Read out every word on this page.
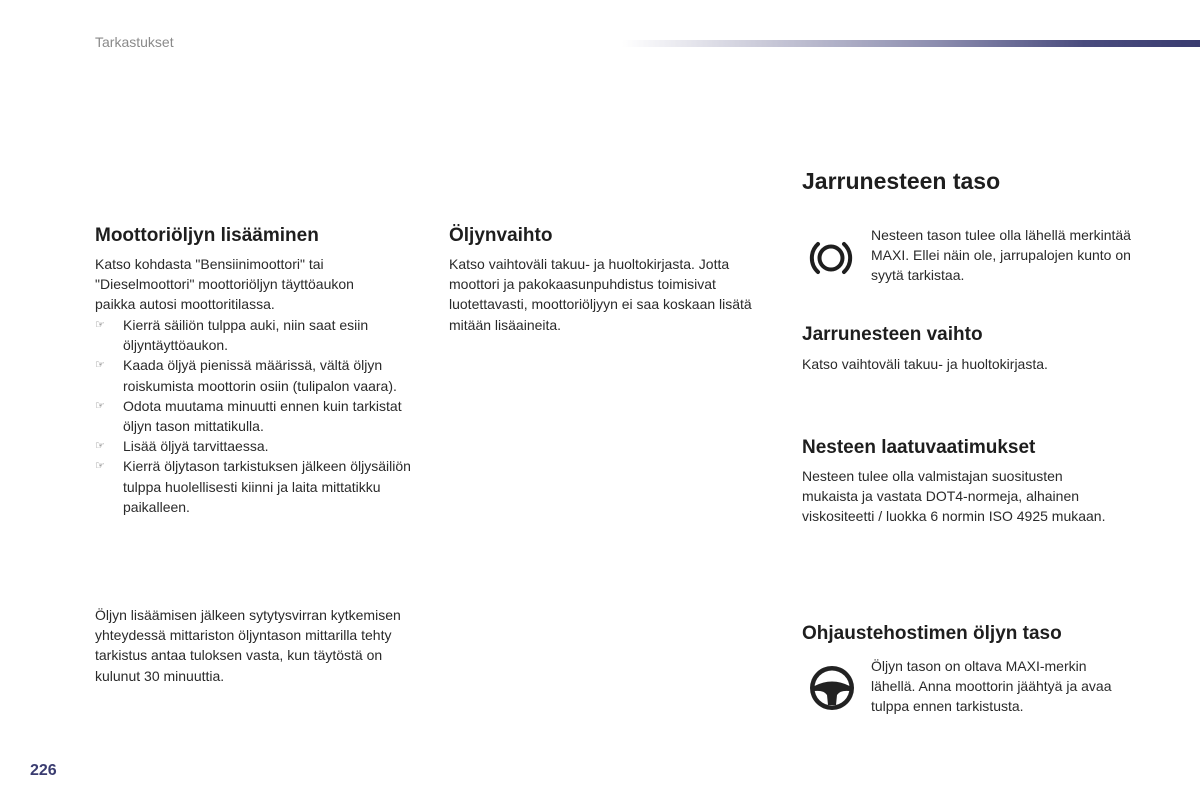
Tarkastukset
Moottoriöljyn lisääminen

Katso kohdasta "Bensiinimoottori" tai "Dieselmoottori" moottoriöljyn täyttöaukon paikka autosi moottoritilassa.

☞ Kierrä säiliön tulppa auki, niin saat esiin öljyntäyttöaukon.
☞ Kaada öljyä pienissä määrissä, vältä öljyn roiskumista moottorin osiin (tulipalon vaara).
☞ Odota muutama minuutti ennen kuin tarkistat öljyn tason mittatikulla.
☞ Lisää öljyä tarvittaessa.
☞ Kierrä öljytason tarkistuksen jälkeen öljysäiliön tulppa huolellisesti kiinni ja laita mittatikku paikalleen.

Öljyn lisäämisen jälkeen sytytysvirran kytkemisen yhteydessä mittariston öljyntason mittarilla tehty tarkistus antaa tuloksen vasta, kun täytöstä on kulunut 30 minuuttia.

Öljynvaihto

Katso vaihtoväli takuu- ja huoltokirjasta. Jotta moottori ja pakokaasunpuhdistus toimisivat luotettavasti, moottoriöljyyn ei saa koskaan lisätä mitään lisäaineita.

Jarrunesteen taso

Nesteen tason tulee olla lähellä merkintää MAXI. Ellei näin ole, jarrupalojen kunto on syytä tarkistaa.

Jarrunesteen vaihto

Katso vaihtoväli takuu- ja huoltokirjasta.

Nesteen laatuvaatimukset

Nesteen tulee olla valmistajan suositusten mukaista ja vastata DOT4-normeja, alhainen viskositeetti / luokka 6 normin ISO 4925 mukaan.

Ohjaustehostimen öljyn taso

Öljyn tason on oltava MAXI-merkin lähellä. Anna moottorin jäähtyä ja avaa tulppa ennen tarkistusta.

226
